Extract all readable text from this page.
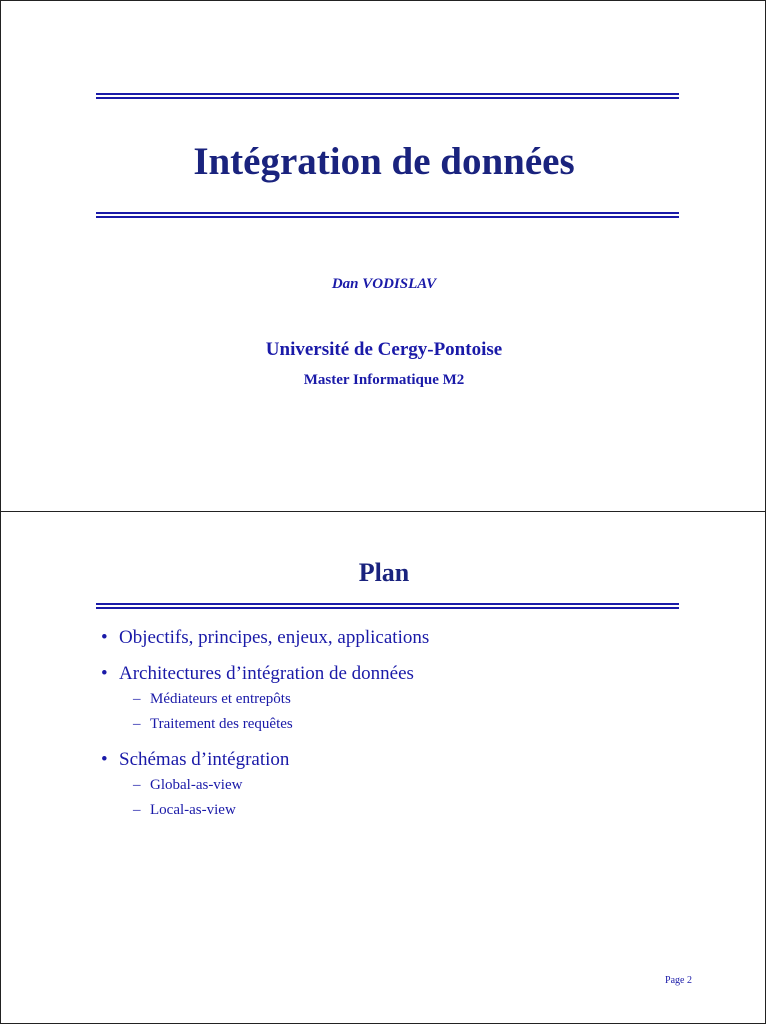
Intégration de données

Dan VODISLAV

Université de Cergy-Pontoise

Master Informatique M2

Plan
• Objectifs, principes, enjeux, applications
• Architectures d’intégration de données
– Médiateurs et entrepôts
– Traitement des requêtes
• Schémas d’intégration
– Global-as-view
– Local-as-view
Page 2
